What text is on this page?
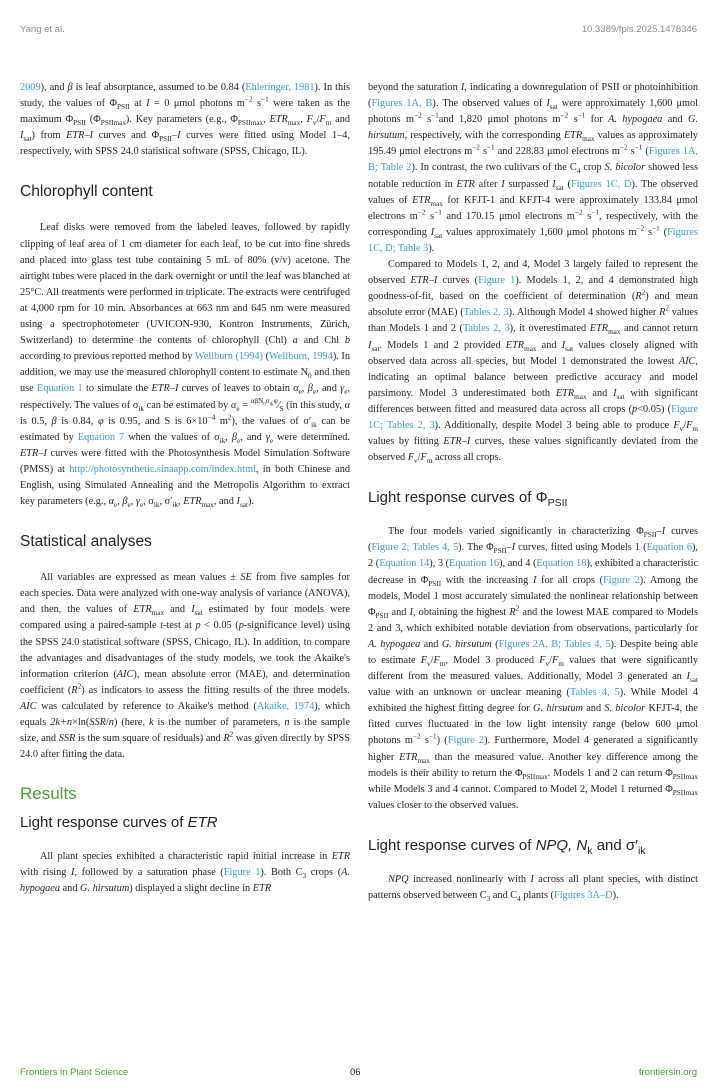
Yang et al.	10.3389/fpls.2025.1478346

2009), and β is leaf absorptance, assumed to be 0.84 (Ehleringer, 1981). In this study, the values of $\Phi_{PSII}$ at I = 0 μmol photons $m^{-2}$ $s^{-1}$ were taken as the maximum $\Phi_{PSII}$ $(\Phi_{PSIImax})$. Key parameters (e.g., $\Phi_{PSIImax}$, $ETR_{max}$, $F_v/F_m$ and $I_{sat}$) from ETR–I curves and $\Phi_{PSII}-I$ curves were fitted using Model 1–4, respectively, with SPSS 24.0 statistical software (SPSS, Chicago, IL).

Chlorophyll content

Leaf disks were removed from the labeled leaves, followed by rapidly clipping of leaf area of 1 cm diameter for each leaf, to be cut into fine shreds and placed into glass test tube containing 5 mL of 80% (v/v) acetone. The airtight tubes were placed in the dark overnight or until the leaf was blanched at 25°C. All treatments were performed in triplicate. The extracts were centrifuged at 4,000 rpm for 10 min. Absorbances at 663 nm and 645 nm were measured using a spectrophotometer (UVICON-930, Kontron Instruments, Zürich, Switzerland) to determine the contents of chlorophyll (Chl) a and Chl b according to previous reported method by Wellburn (1994) (Wellburn, 1994). In addition, we may use the measured chlorophyll content to estimate $N_0$ and then use Equation 1 to simulate the ETR–I curves of leaves to obtain $\alpha_e$, $\beta_e$, and $\gamma_e$, respectively. The values of $\sigma_{ik}$ can be estimated by $\alpha_e$ = $^{\alpha\beta N_0\sigma_{ik}\varphi}⁄_S$ (in this study, α is 0.5, β is 0.84, φ is 0.95, and S is $6\times 10^{-4}$ $m^2$), the values of $\sigma'_{ik}$ can be estimated by Equation 7 when the values of $\sigma_{ik}$, $\beta_e$, and $\gamma_e$ were determined. ETR–I curves were fitted with the Photosynthesis Model Simulation Software (PMSS) at http://photosynthetic.sinaapp.com/index.html, in both Chinese and English, using Simulated Annealing and the Metropolis Algorithm to extract key parameters (e.g., $\alpha_e$, $\beta_e$, $\gamma_e$, $\sigma_{ik}$, $\sigma'_{ik}$, $ETR_{max}$, and $I_{sat}$).

Statistical analyses

All variables are expressed as mean values ± SE from five samples for each species. Data were analyzed with one-way analysis of variance (ANOVA), and then, the values of $ETR_{max}$ and $I_{sat}$ estimated by four models were compared using a paired-sample t-test at p < 0.05 (p-significance level) using the SPSS 24.0 statistical software (SPSS, Chicago, IL). In addition, to compare the advantages and disadvantages of the study models, we took the Akaike's information criterion (AIC), mean absolute error (MAE), and determination coefficient $(R^2)$ as indicators to assess the fitting results of the three models. AIC was calculated by reference to Akaike's method (Akaike, 1974), which equals 2k+n×ln(SSR/n) (here, k is the number of parameters, n is the sample size, and SSR is the sum square of residuals) and $R^2$ was given directly by SPSS 24.0 after fitting the data.

Results
Light response curves of ETR

All plant species exhibited a characteristic rapid initial increase in ETR with rising I, followed by a saturation phase (Figure 1). Both $C_3$ crops (A. hypogaea and G. hirsutum) displayed a slight decline in ETR

beyond the saturation I, indicating a downregulation of PSII or photoinhibition (Figures 1A, B). The observed values of $I_{sat}$ were approximately 1,600 μmol photons $m^{-2}$ $s^{-1}and$ 1,820 μmol photons $m^{-2}$ $s^{-1}$ for A. hypogaea and G. hirsutum, respectively, with the corresponding $ETR_{max}$ values as approximately 195.49 μmol electrons $m^{-2}$ $s^{-1}$ and 228.83 μmol electrons $m^{-2}$ $s^{-1}$ (Figures 1A, B; Table 2). In contrast, the two cultivars of the $C_4$ crop S. bicolor showed less notable reduction in ETR after I surpassed $I_{sat}$ (Figures 1C, D). The observed values of $ETR_{max}$ for KFJT-1 and KFJT-4 were approximately 133.84 μmol electrons $m^{-2}$ $s^{-1}$ and 170.15 μmol electrons $m^{-2}$ $s^{-1}$, respectively, with the corresponding $I_{sat}$ values approximately 1,600 μmol photons $m^{-2}$ $s^{-1}$ (Figures 1C, D; Table 3).

Compared to Models 1, 2, and 4, Model 3 largely failed to represent the observed ETR–I curves (Figure 1). Models 1, 2, and 4 demonstrated high goodness-of-fit, based on the coefficient of determination $(R^2)$ and mean absolute error (MAE) (Tables 2, 3). Although Model 4 showed higher $R^2$ values than Models 1 and 2 (Tables 2, 3), it overestimated $ETR_{max}$ and cannot return $I_{sat}$. Models 1 and 2 provided $ETR_{max}$ and $I_{sat}$ values closely aligned with observed data across all species, but Model 1 demonstrated the lowest AIC, indicating an optimal balance between predictive accuracy and model parsimony. Model 3 underestimated both $ETR_{max}$ and $I_{sat}$ with significant differences between fitted and measured data across all crops (p<0.05) (Figure 1C; Tables 2, 3). Additionally, despite Model 3 being able to produce $F_v/F_m$ values by fitting ETR–I curves, these values significantly deviated from the observed $F_v/F_m$ across all crops.

Light response curves of $\Phi_{PSII}$

The four models varied significantly in characterizing $\Phi_{PSII}-I$ curves (Figure 2; Tables 4, 5). The $\Phi_{PSII}-I$ curves, fitted using Models 1 (Equation 6), 2 (Equation 14), 3 (Equation 16), and 4 (Equation 18), exhibited a characteristic decrease in $\Phi_{PSII}$ with the increasing I for all crops (Figure 2). Among the models, Model 1 most accurately simulated the nonlinear relationship between $\Phi_{PSII}$ and I, obtaining the highest $R^2$ and the lowest MAE compared to Models 2 and 3, which exhibited notable deviation from observations, particularly for A. hypogaea and G. hirsutum (Figures 2A, B; Tables 4, 5). Despite being able to estimate $F_v/F_m$, Model 3 produced $F_v/F_m$ values that were significantly different from the measured values. Additionally, Model 3 generated an $I_{sat}$ value with an unknown or unclear meaning (Tables 4, 5). While Model 4 exhibited the highest fitting degree for G. hirsutum and S. bicolor KFJT-4, the fitted curves fluctuated in the low light intensity range (below 600 μmol photons $m^{-2}$ $s^{-1}$) (Figure 2). Furthermore, Model 4 generated a significantly higher $ETR_{max}$ than the measured value. Another key difference among the models is their ability to return the $\Phi_{PSIImax}$. Models 1 and 2 can return $\Phi_{PSIImax}$ while Models 3 and 4 cannot. Compared to Model 2, Model 1 returned $\Phi_{PSIImax}$ values closer to the observed values.

Light response curves of NPQ, $N_k$ and $\sigma'_{ik}$

NPQ increased nonlinearly with I across all plant species, with distinct patterns observed between $C_3$ and $C_4$ plants (Figures 3A–D).

Frontiers in Plant Science	06	frontiersin.org
